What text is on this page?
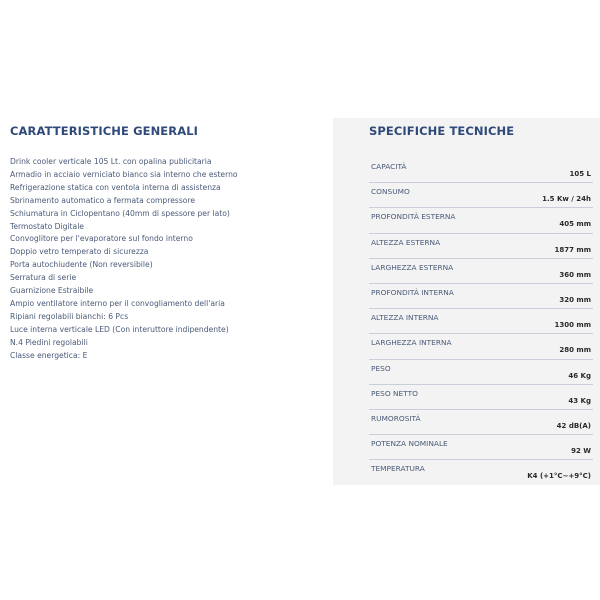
CARATTERISTICHE GENERALI
Drink cooler verticale 105 Lt. con opalina publicitaria
Armadio in acciaio verniciato bianco sia interno che esterno
Refrigerazione statica con ventola interna di assistenza
Sbrinamento automatico a fermata compressore
Schiumatura in Ciclopentano (40mm di spessore per lato)
Termostato Digitale
Convoglitore per l'evaporatore sul fondo interno
Doppio vetro temperato di sicurezza
Porta autochiudente (Non reversibile)
Serratura di serie
Guarnizione Estraibile
Ampio ventilatore interno per il convogliamento dell'aria
Ripiani regolabili bianchi: 6 Pcs
Luce interna verticale LED (Con interuttore indipendente)
N.4 Piedini regolabili
Classe energetica: E
SPECIFICHE TECNICHE
CAPACITÀ
105 L
CONSUMO
1.5 Kw / 24h
PROFONDITÀ ESTERNA
405 mm
ALTEZZA ESTERNA
1877 mm
LARGHEZZA ESTERNA
360 mm
PROFONDITÀ INTERNA
320 mm
ALTEZZA INTERNA
1300 mm
LARGHEZZA INTERNA
280 mm
PESO
46 Kg
PESO NETTO
43 Kg
RUMOROSITÀ
42 dB(A)
POTENZA NOMINALE
92 W
TEMPERATURA
K4 (+1°C~+9°C)
